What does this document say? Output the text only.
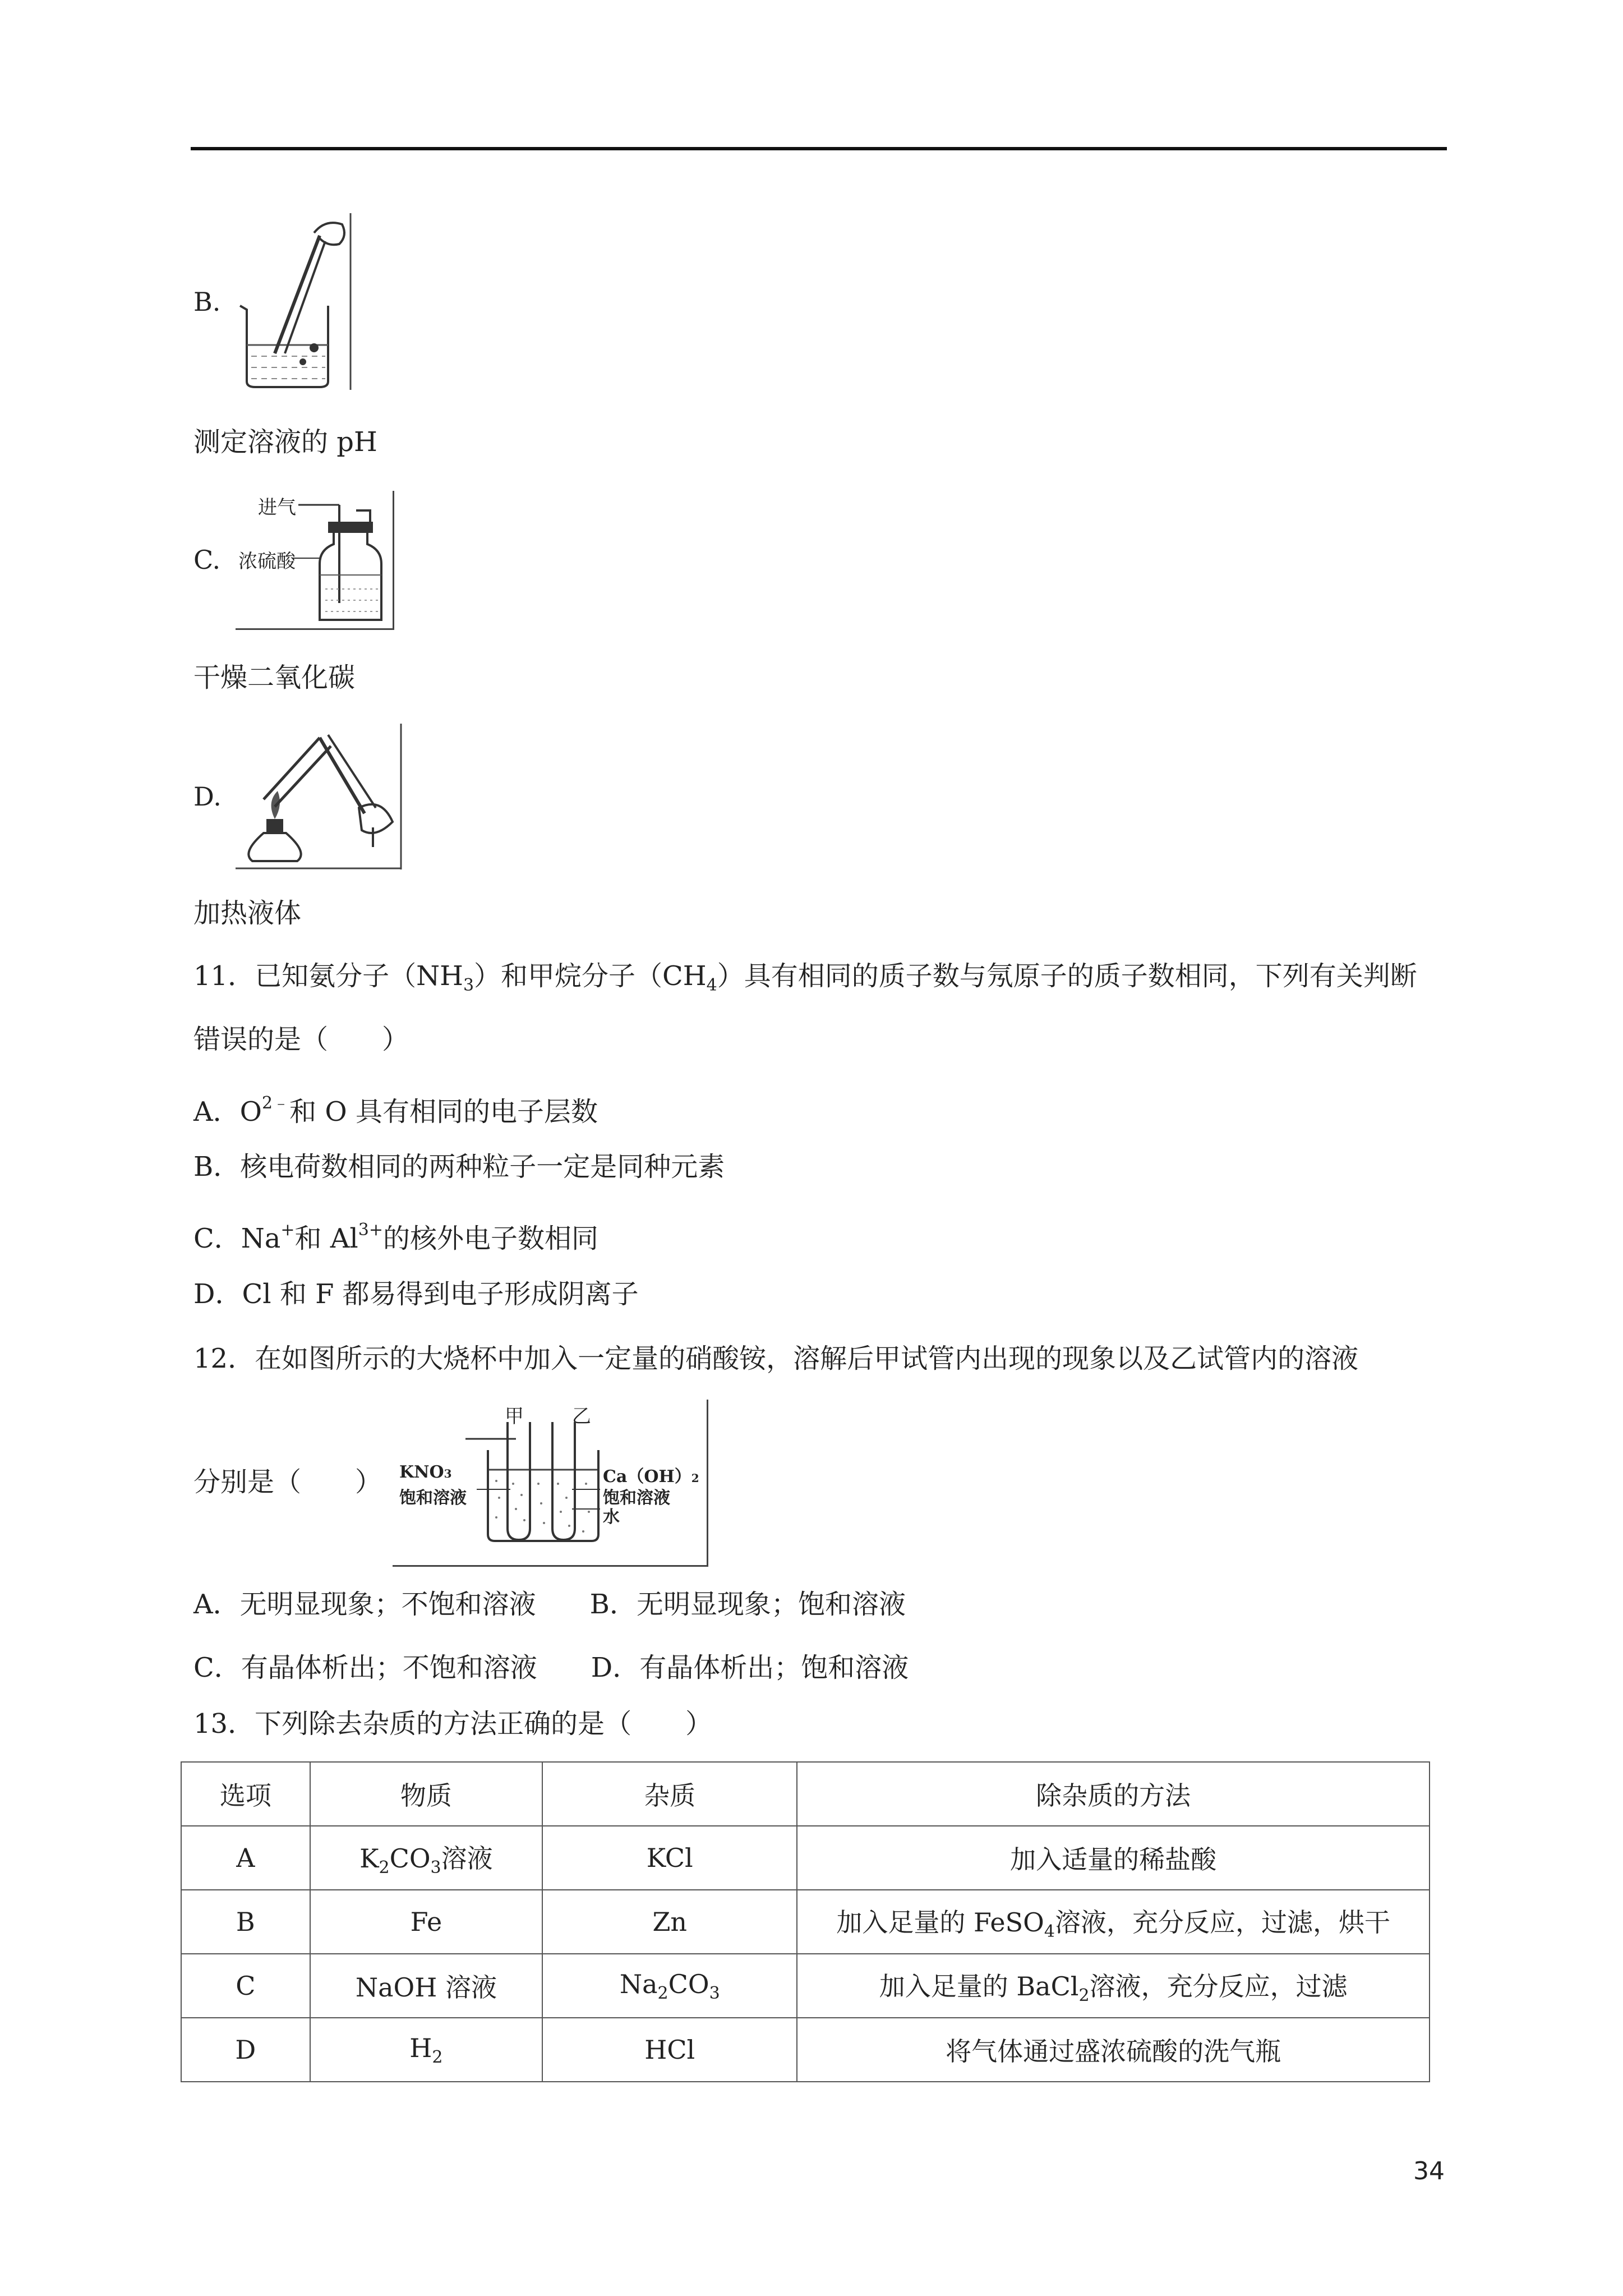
B.
测定溶液的 pH
C.
进气
浓硫酸
干燥二氧化碳
D.
加热液体
11．已知氨分子$(NH_3)$和甲烷分子$(CH_4)$具有相同的质子数与氖原子的质子数相同，下列有关判断
错误的是（　　）
A．$O^{2﹣}$和 O 具有相同的电子层数
B．核电荷数相同的两种粒子一定是同种元素
C．Na+和 $Al^{3+}$的核外电子数相同
D．Cl 和 F 都易得到电子形成阴离子
12．在如图所示的大烧杯中加入一定量的硝酸铵，溶解后甲试管内出现的现象以及乙试管内的溶液
分别是（　　）
甲	乙
KNO3
饱和溶液
Ca（OH）2
饱和溶液
水
A．无明显现象；不饱和溶液　　B．无明显现象；饱和溶液
C．有晶体析出；不饱和溶液　　D．有晶体析出；饱和溶液
13．下列除去杂质的方法正确的是（　　）
选项	物质	杂质	除杂质的方法
A	$K_2CO_3$溶液	KCl	加入适量的稀盐酸
B	Fe	Zn	加入足量的 FeSO$_4$溶液，充分反应，过滤，烘干
C	NaOH 溶液	$Na_2CO_3$	加入足量的 BaCl$_2$溶液，充分反应，过滤
D	$H_2$	HCl	将气体通过盛浓硫酸的洗气瓶
34
